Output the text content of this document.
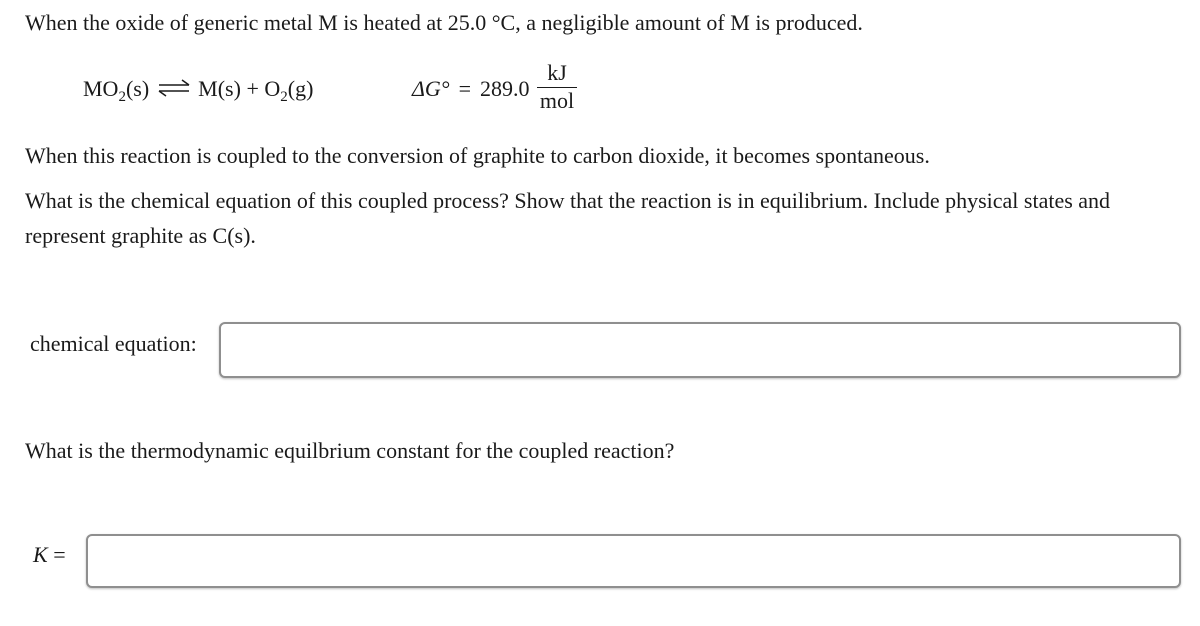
When the oxide of generic metal M is heated at 25.0 °C, a negligible amount of M is produced.

$MO_2(s)$ ⇌ $M(s) + O_2(g)$	ΔG° = 289.0
kJ
mol

When this reaction is coupled to the conversion of graphite to carbon dioxide, it becomes spontaneous.

What is the chemical equation of this coupled process? Show that the reaction is in equilibrium. Include physical states and represent graphite as C(s).

chemical equation:

What is the thermodynamic equilbrium constant for the coupled reaction?

K =
